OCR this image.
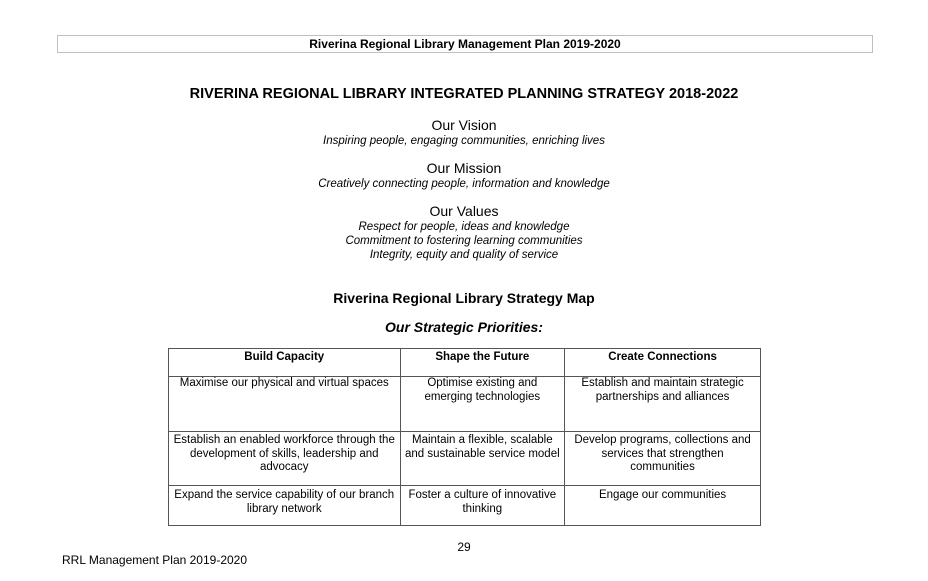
Riverina Regional Library Management Plan 2019-2020
RIVERINA REGIONAL LIBRARY INTEGRATED PLANNING STRATEGY 2018-2022
Our Vision

Inspiring people, engaging communities, enriching lives

Our Mission

Creatively connecting people, information and knowledge

Our Values

Respect for people, ideas and knowledge

Commitment to fostering learning communities

Integrity, equity and quality of service

Riverina Regional Library Strategy Map
Our Strategic Priorities:
Build Capacity	Shape the Future	Create Connections
Maximise our physical and virtual spaces	Optimise existing and emerging technologies	Establish and maintain strategic partnerships and alliances
Establish an enabled workforce through the development of skills, leadership and advocacy	Maintain a flexible, scalable and sustainable service model	Develop programs, collections and services that strengthen communities
Expand the service capability of our branch library network	Foster a culture of innovative thinking	Engage our communities
29
RRL Management Plan 2019-2020
